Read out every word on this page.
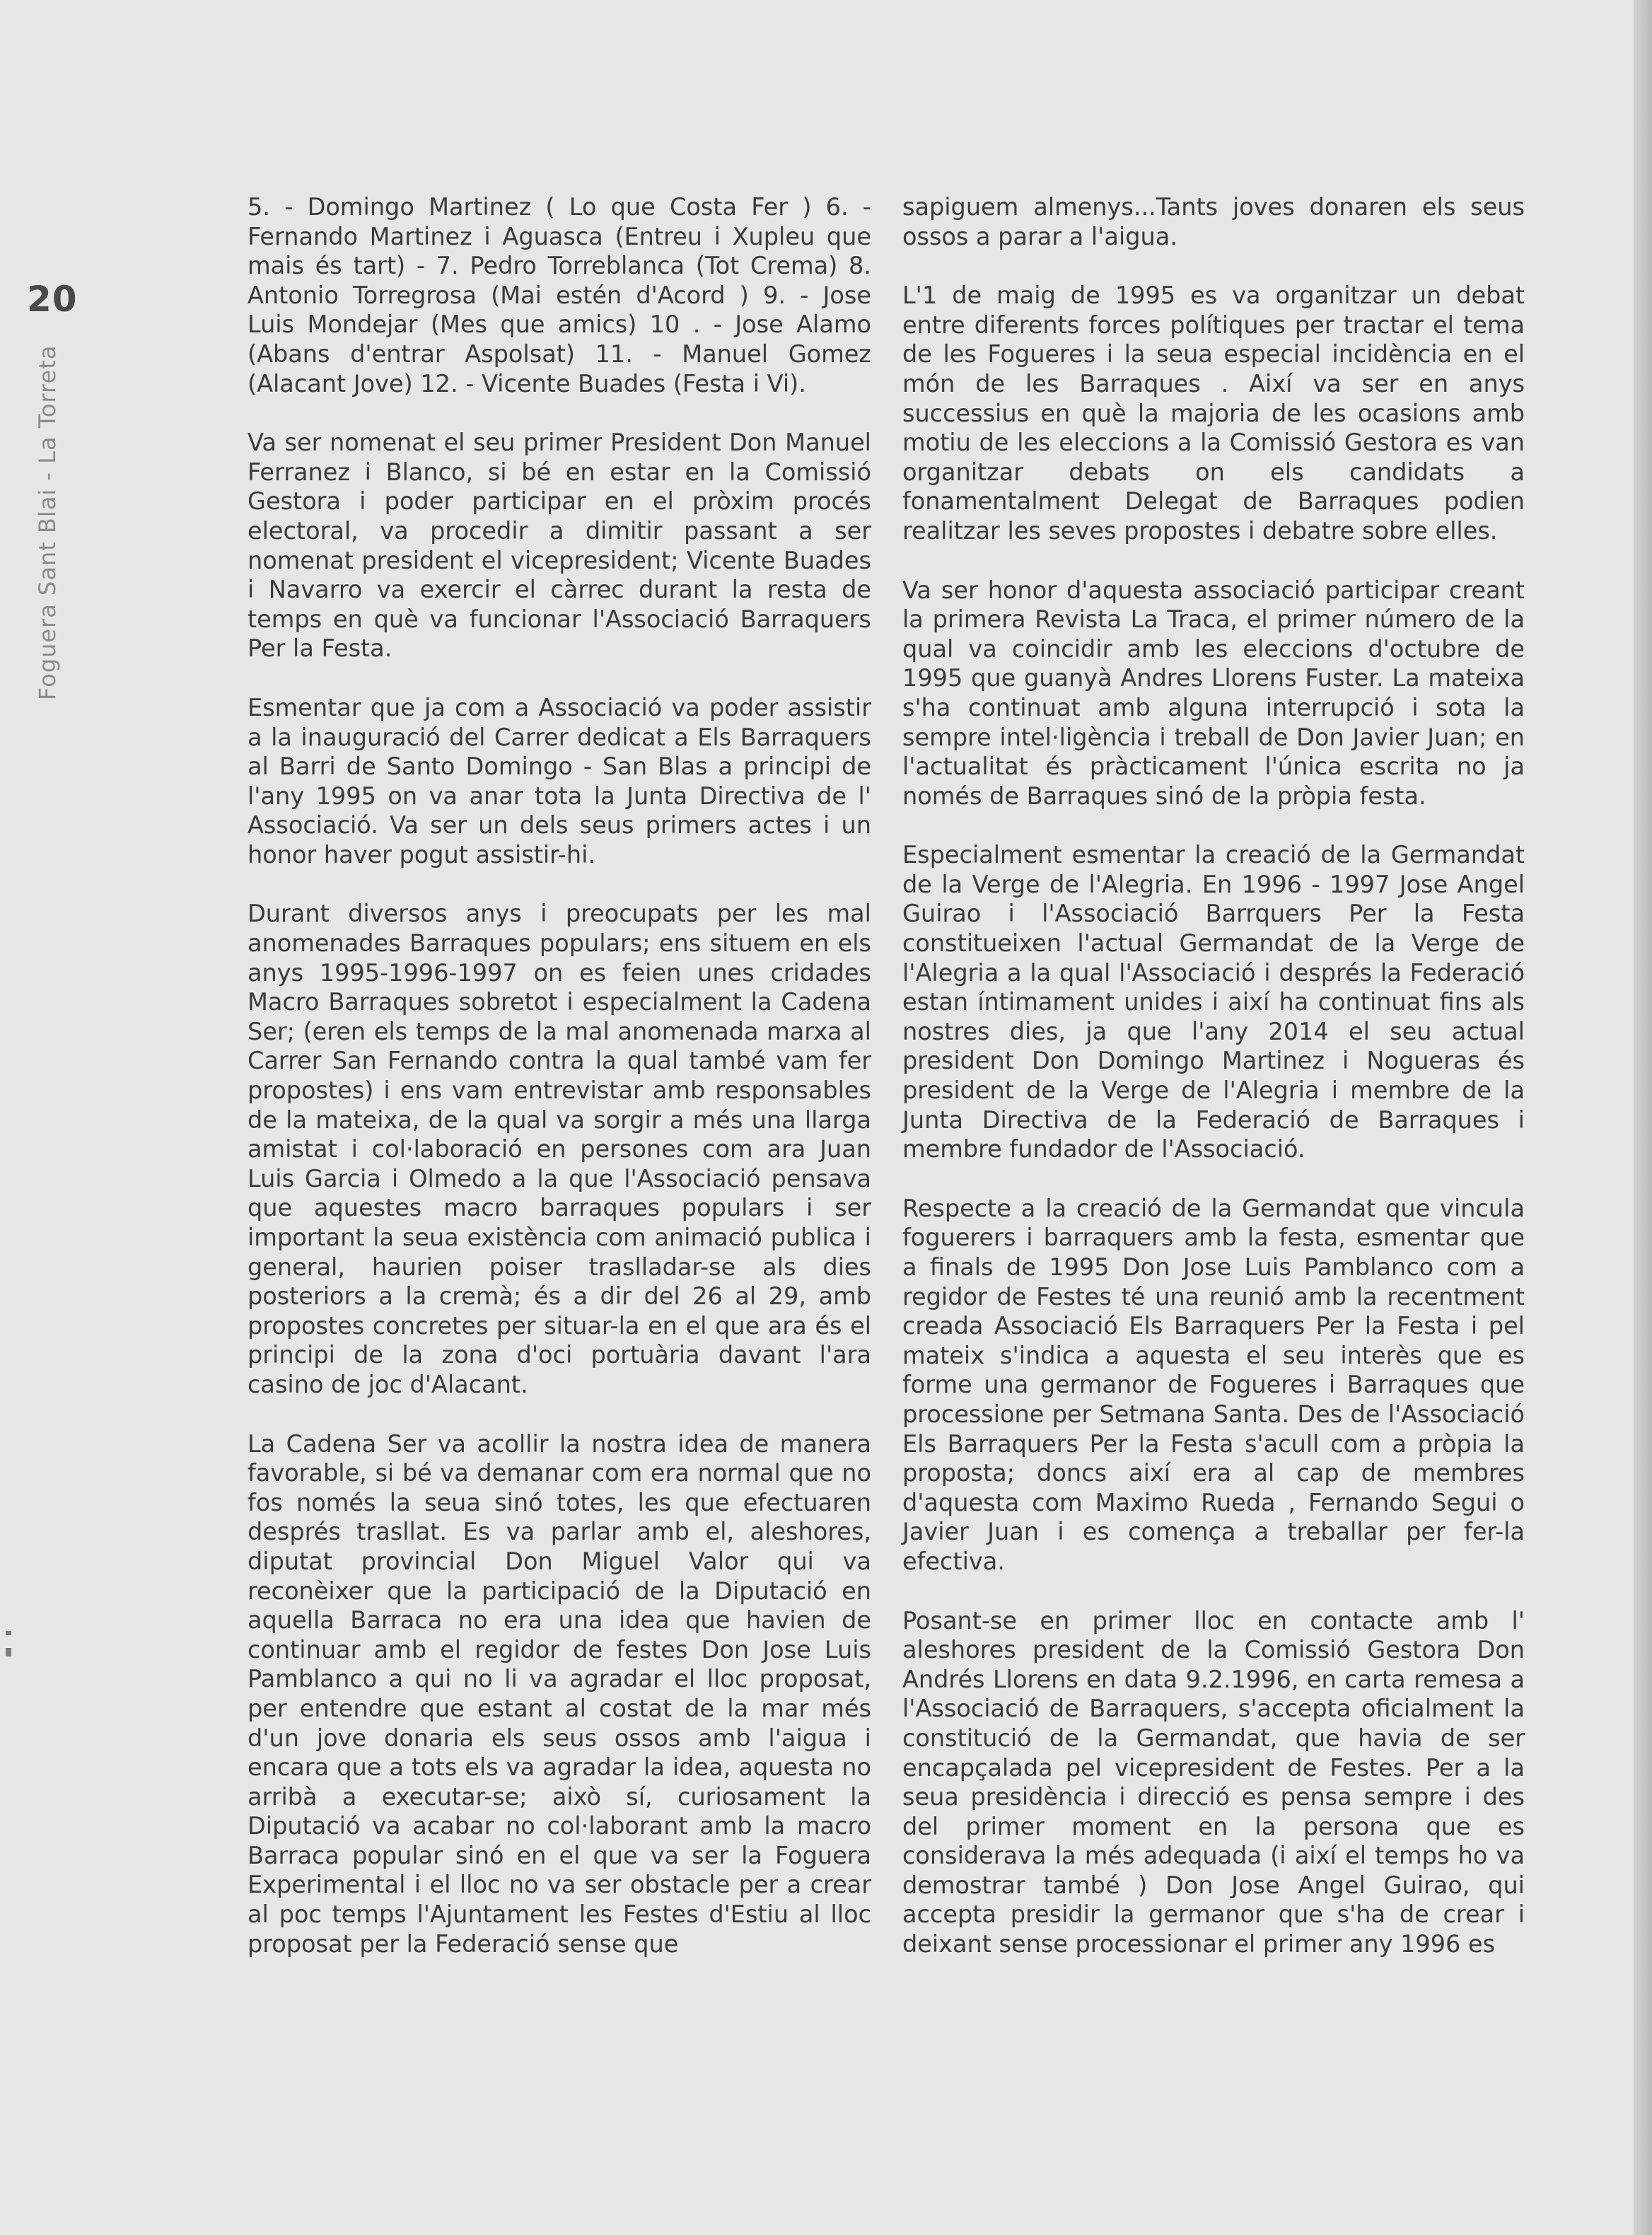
20
Foguera Sant Blai - La Torreta

5. - Domingo Martinez ( Lo que Costa Fer ) 6. - Fernando Martinez i Aguasca (Entreu i Xupleu que mais és tart) - 7. Pedro Torreblanca (Tot Crema) 8. Antonio Torregrosa (Mai estén d'Acord ) 9. - Jose Luis Mondejar (Mes que amics) 10 . - Jose Alamo (Abans d'entrar Aspolsat) 11. - Manuel Gomez (Alacant Jove) 12. - Vicente Buades (Festa i Vi).

Va ser nomenat el seu primer President Don Manuel Ferranez i Blanco, si bé en estar en la Comissió Gestora i poder participar en el pròxim procés electoral, va procedir a dimitir passant a ser nomenat president el vicepresident; Vicente Buades i Navarro va exercir el càrrec durant la resta de temps en què va funcionar l'Associació Barraquers Per la Festa.

Esmentar que ja com a Associació va poder assistir a la inauguració del Carrer dedicat a Els Barraquers al Barri de Santo Domingo - San Blas a principi de l'any 1995 on va anar tota la Junta Directiva de l' Associació. Va ser un dels seus primers actes i un honor haver pogut assistir-hi.

Durant diversos anys i preocupats per les mal anomenades Barraques populars; ens situem en els anys 1995-1996-1997 on es feien unes cridades Macro Barraques sobretot i especialment la Cadena Ser; (eren els temps de la mal anomenada marxa al Carrer San Fernando contra la qual també vam fer propostes) i ens vam entrevistar amb responsables de la mateixa, de la qual va sorgir a més una llarga amistat i col·laboració en persones com ara Juan Luis Garcia i Olmedo a la que l'Associació pensava que aquestes macro barraques populars i ser important la seua existència com animació publica i general, haurien poiser traslladar-se als dies posteriors a la cremà; és a dir del 26 al 29, amb propostes concretes per situar-la en el que ara és el principi de la zona d'oci portuària davant l'ara casino de joc d'Alacant.

La Cadena Ser va acollir la nostra idea de manera favorable, si bé va demanar com era normal que no fos només la seua sinó totes, les que efectuaren després trasllat. Es va parlar amb el, aleshores, diputat provincial Don Miguel Valor qui va reconèixer que la participació de la Diputació en aquella Barraca no era una idea que havien de continuar amb el regidor de festes Don Jose Luis Pamblanco a qui no li va agradar el lloc proposat, per entendre que estant al costat de la mar més d'un jove donaria els seus ossos amb l'aigua i encara que a tots els va agradar la idea, aquesta no arribà a executar-se; això sí, curiosament la Diputació va acabar no col·laborant amb la macro Barraca popular sinó en el que va ser la Foguera Experimental i el lloc no va ser obstacle per a crear al poc temps l'Ajuntament les Festes d'Estiu al lloc proposat per la Federació sense que

sapiguem almenys...Tants joves donaren els seus ossos a parar a l'aigua.

L'1 de maig de 1995 es va organitzar un debat entre diferents forces polítiques per tractar el tema de les Fogueres i la seua especial incidència en el món de les Barraques . Així va ser en anys successius en què la majoria de les ocasions amb motiu de les eleccions a la Comissió Gestora es van organitzar debats on els candidats a fonamentalment Delegat de Barraques podien realitzar les seves propostes i debatre sobre elles.

Va ser honor d'aquesta associació participar creant la primera Revista La Traca, el primer número de la qual va coincidir amb les eleccions d'octubre de 1995 que guanyà Andres Llorens Fuster. La mateixa s'ha continuat amb alguna interrupció i sota la sempre intel·ligència i treball de Don Javier Juan; en l'actualitat és pràcticament l'única escrita no ja només de Barraques sinó de la pròpia festa.

Especialment esmentar la creació de la Germandat de la Verge de l'Alegria. En 1996 - 1997 Jose Angel Guirao i l'Associació Barrquers Per la Festa constitueixen l'actual Germandat de la Verge de l'Alegria a la qual l'Associació i després la Federació estan íntimament unides i així ha continuat fins als nostres dies, ja que l'any 2014 el seu actual president Don Domingo Martinez i Nogueras és president de la Verge de l'Alegria i membre de la Junta Directiva de la Federació de Barraques i membre fundador de l'Associació.

Respecte a la creació de la Germandat que vincula foguerers i barraquers amb la festa, esmentar que a finals de 1995 Don Jose Luis Pamblanco com a regidor de Festes té una reunió amb la recentment creada Associació Els Barraquers Per la Festa i pel mateix s'indica a aquesta el seu interès que es forme una germanor de Fogueres i Barraques que processione per Setmana Santa. Des de l'Associació Els Barraquers Per la Festa s'acull com a pròpia la proposta; doncs així era al cap de membres d'aquesta com Maximo Rueda , Fernando Segui o Javier Juan i es comença a treballar per fer-la efectiva.

Posant-se en primer lloc en contacte amb l' aleshores president de la Comissió Gestora Don Andrés Llorens en data 9.2.1996, en carta remesa a l'Associació de Barraquers, s'accepta oficialment la constitució de la Germandat, que havia de ser encapçalada pel vicepresident de Festes. Per a la seua presidència i direcció es pensa sempre i des del primer moment en la persona que es considerava la més adequada (i així el temps ho va demostrar també ) Don Jose Angel Guirao, qui accepta presidir la germanor que s'ha de crear i deixant sense processionar el primer any 1996 es
